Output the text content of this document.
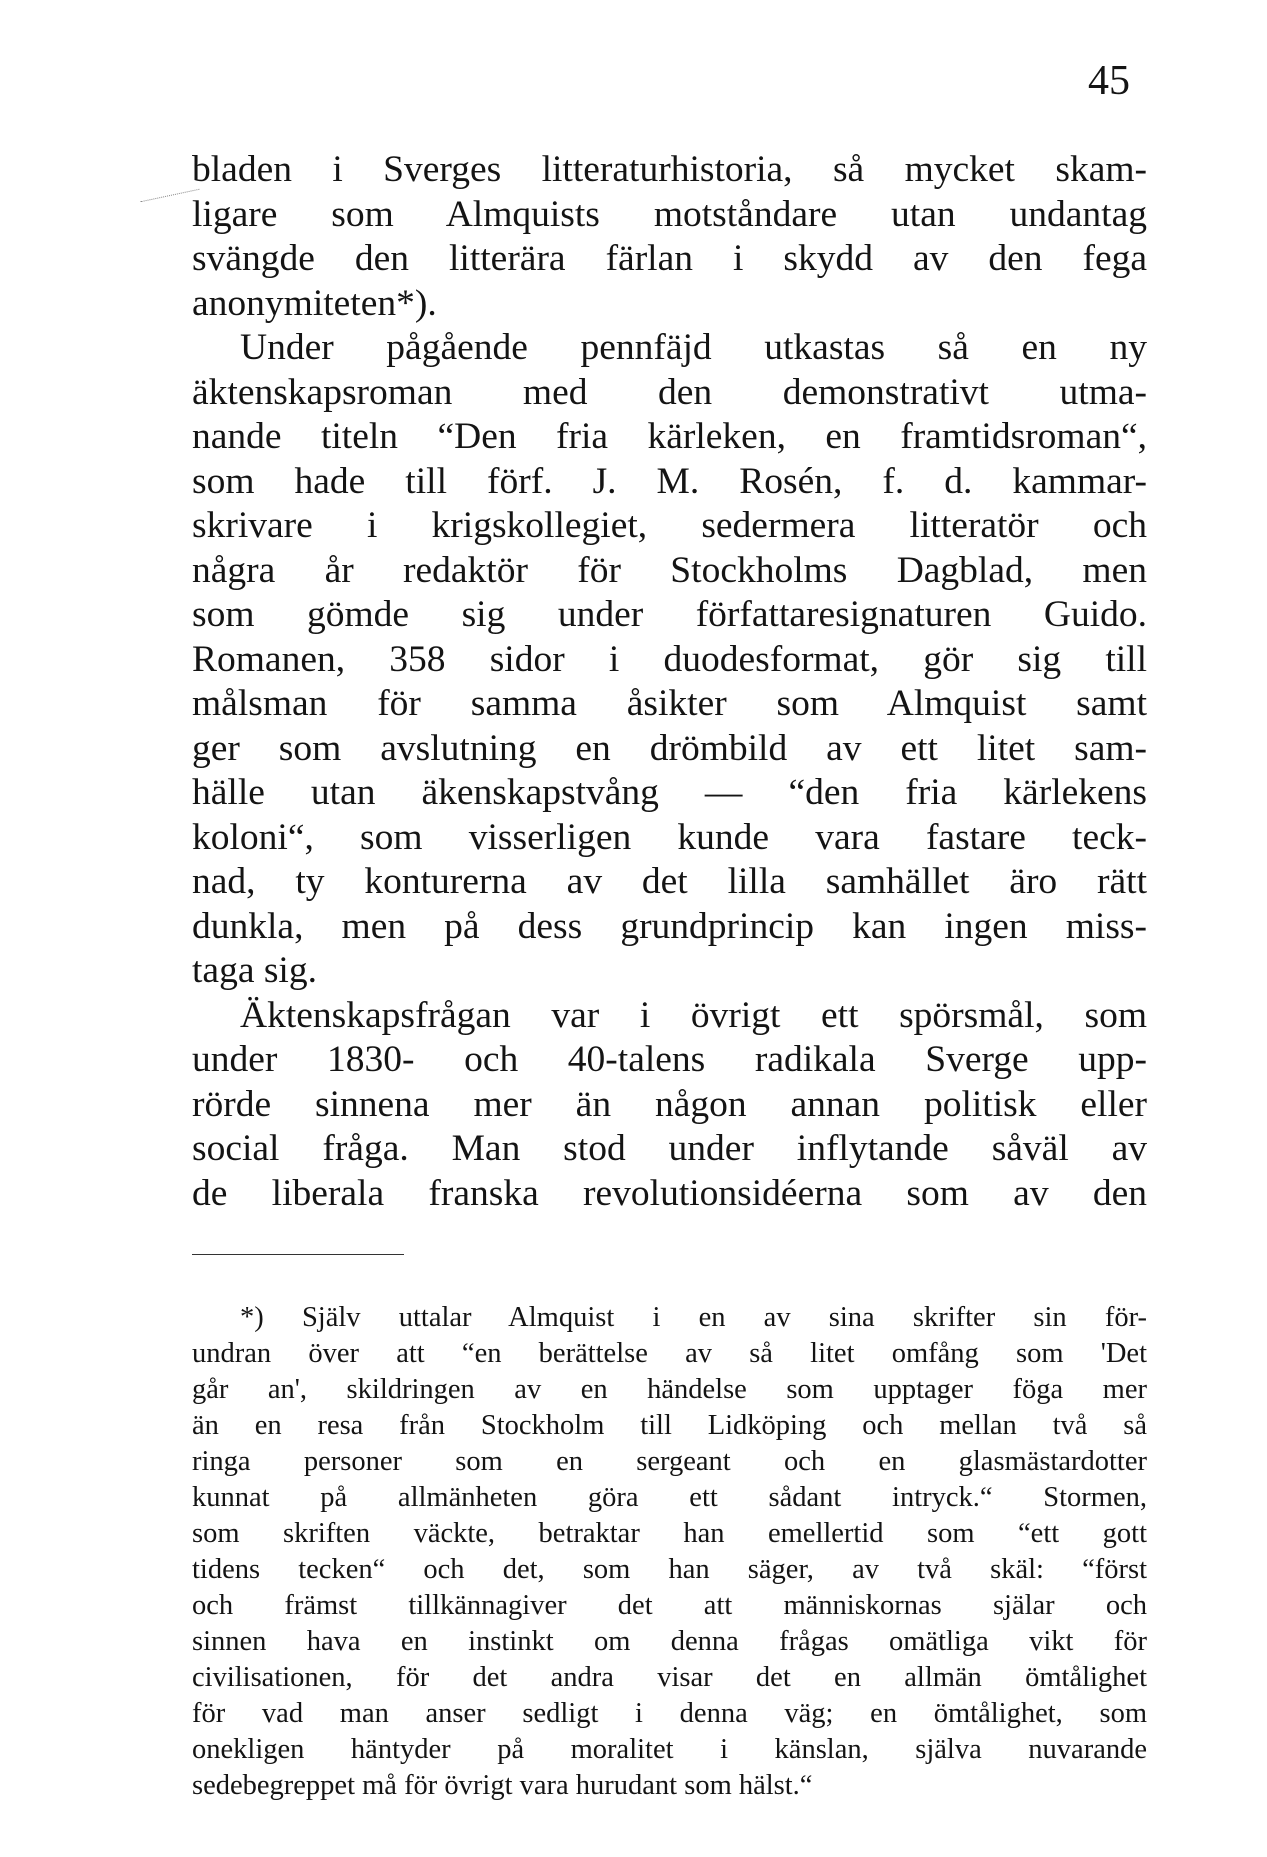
45
bladen i Sverges litteraturhistoria, så mycket skam-
ligare som Almquists motståndare utan undantag
svängde den litterära färlan i skydd av den fega
anonymiteten*).
Under pågående pennfäjd utkastas så en ny
äktenskapsroman med den demonstrativt utma-
nande titeln “Den fria kärleken, en framtidsroman“,
som hade till förf. J. M. Rosén, f. d. kammar-
skrivare i krigskollegiet, sedermera litteratör och
några år redaktör för Stockholms Dagblad, men
som gömde sig under författaresignaturen Guido.
Romanen, 358 sidor i duodesformat, gör sig till
målsman för samma åsikter som Almquist samt
ger som avslutning en drömbild av ett litet sam-
hälle utan äkenskapstvång — “den fria kärlekens
koloni“, som visserligen kunde vara fastare teck-
nad, ty konturerna av det lilla samhället äro rätt
dunkla, men på dess grundprincip kan ingen miss-
taga sig.
Äktenskapsfrågan var i övrigt ett spörsmål, som
under 1830- och 40-talens radikala Sverge upp-
rörde sinnena mer än någon annan politisk eller
social fråga. Man stod under inflytande såväl av
de liberala franska revolutionsidéerna som av den
*) Själv uttalar Almquist i en av sina skrifter sin för-
undran över att “en berättelse av så litet omfång som 'Det
går an', skildringen av en händelse som upptager föga mer
än en resa från Stockholm till Lidköping och mellan två så
ringa personer som en sergeant och en glasmästardotter
kunnat på allmänheten göra ett sådant intryck.“ Stormen,
som skriften väckte, betraktar han emellertid som “ett gott
tidens tecken“ och det, som han säger, av två skäl: “först
och främst tillkännagiver det att människornas själar och
sinnen hava en instinkt om denna frågas omätliga vikt för
civilisationen, för det andra visar det en allmän ömtålighet
för vad man anser sedligt i denna väg; en ömtålighet, som
onekligen häntyder på moralitet i känslan, själva nuvarande
sedebegreppet må för övrigt vara hurudant som hälst.“
